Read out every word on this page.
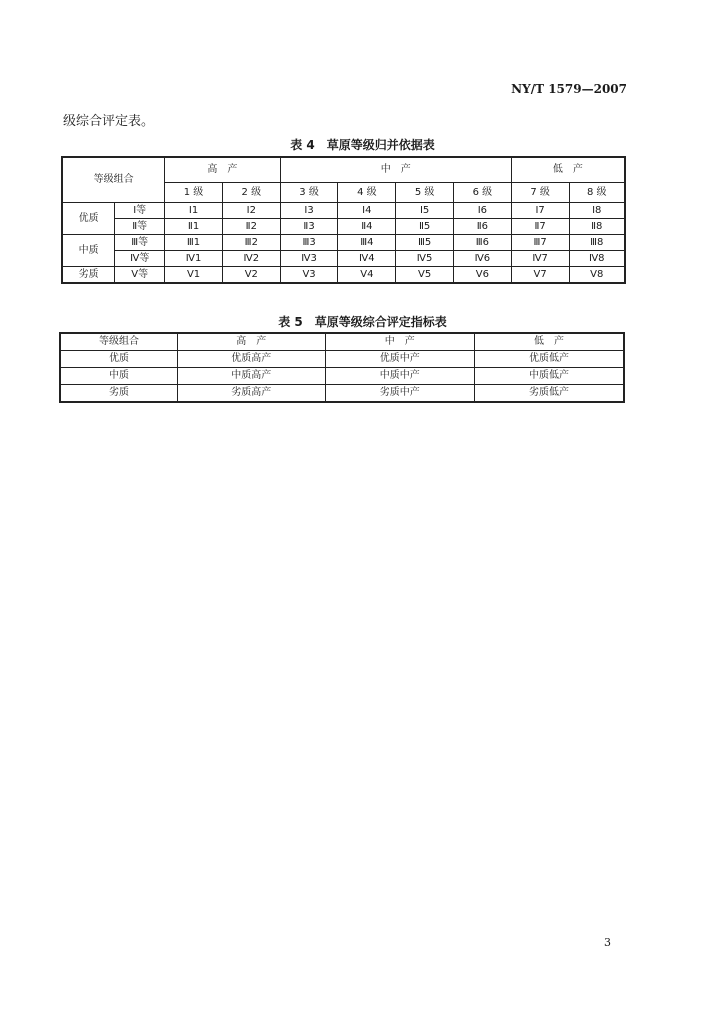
NY/T 1579—2007
级综合评定表。
表 4　草原等级归并依据表
等级组合		高　产		中　产				低　产	
		1 级	2 级	3 级	4 级	5 级	6 级	7 级	8 级
优质	Ⅰ等	Ⅰ1	Ⅰ2	Ⅰ3	Ⅰ4	Ⅰ5	Ⅰ6	Ⅰ7	Ⅰ8
	Ⅱ等	Ⅱ1	Ⅱ2	Ⅱ3	Ⅱ4	Ⅱ5	Ⅱ6	Ⅱ7	Ⅱ8
中质	Ⅲ等	Ⅲ1	Ⅲ2	Ⅲ3	Ⅲ4	Ⅲ5	Ⅲ6	Ⅲ7	Ⅲ8
	Ⅳ等	Ⅳ1	Ⅳ2	Ⅳ3	Ⅳ4	Ⅳ5	Ⅳ6	Ⅳ7	Ⅳ8
劣质	Ⅴ等	Ⅴ1	Ⅴ2	Ⅴ3	Ⅴ4	Ⅴ5	Ⅴ6	Ⅴ7	Ⅴ8
表 5　草原等级综合评定指标表
等级组合	高　产	中　产	低　产
优质	优质高产	优质中产	优质低产
中质	中质高产	中质中产	中质低产
劣质	劣质高产	劣质中产	劣质低产
3
